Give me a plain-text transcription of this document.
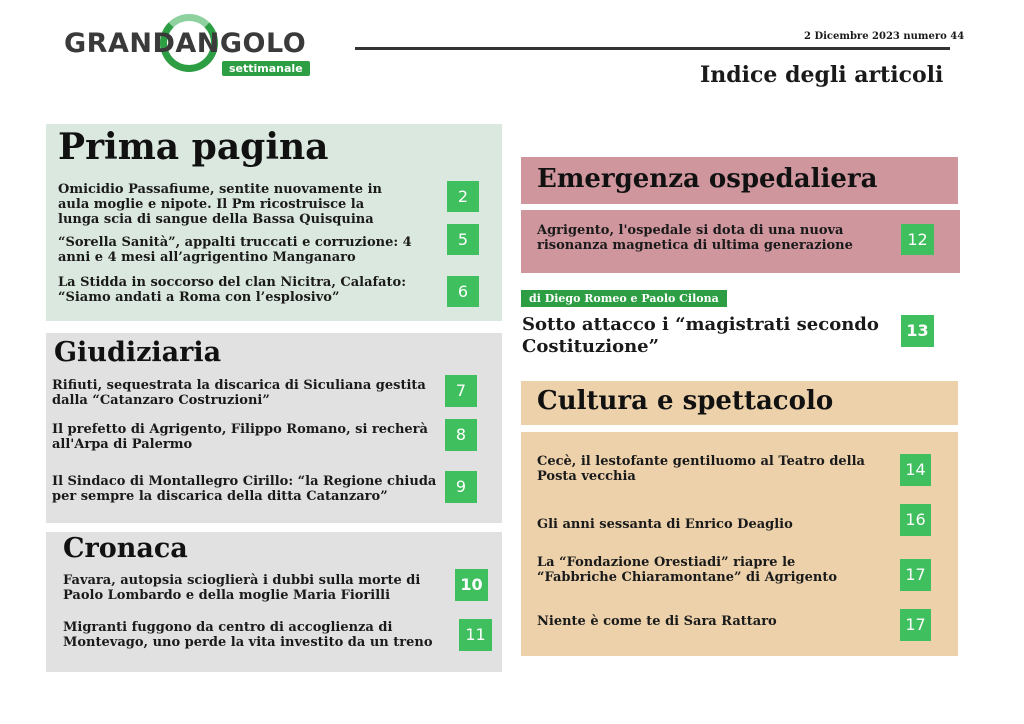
GRANDANGOLO
settimanale
2 Dicembre 2023 numero 44
Indice degli articoli
Prima pagina
Omicidio Passafiume, sentite nuovamente in aula moglie e nipote. Il Pm ricostruisce la lunga scia di sangue della Bassa Quisquina
2
“Sorella Sanità”, appalti truccati e corruzione: 4 anni e 4 mesi all’agrigentino Manganaro
5
La Stidda in soccorso del clan Nicitra, Calafato: “Siamo andati a Roma con l’esplosivo”	6
Giudiziaria
Rifiuti, sequestrata la discarica di Siculiana gestita dalla “Catanzaro Costruzioni”
7
Il prefetto di Agrigento, Filippo Romano, si recherà all'Arpa di Palermo
8
Il Sindaco di Montallegro Cirillo: “la Regione chiuda per sempre la discarica della ditta Catanzaro”
9
Cronaca
Favara, autopsia scioglierà i dubbi sulla morte di Paolo Lombardo e della moglie Maria Fiorilli
10
Migranti fuggono da centro di accoglienza di Montevago, uno perde la vita investito da un treno	11
Emergenza ospedaliera
Agrigento, l'ospedale si dota di una nuova risonanza magnetica di ultima generazione	12
di Diego Romeo e Paolo Cilona
Sotto attacco i “magistrati secondo Costituzione”
13
Cultura e spettacolo
Cecè, il lestofante gentiluomo al Teatro della Posta vecchia	14
Gli anni sessanta di Enrico Deaglio	16
La “Fondazione Orestiadi” riapre le “Fabbriche Chiaramontane” di Agrigento	17
Niente è come te di Sara Rattaro	17
